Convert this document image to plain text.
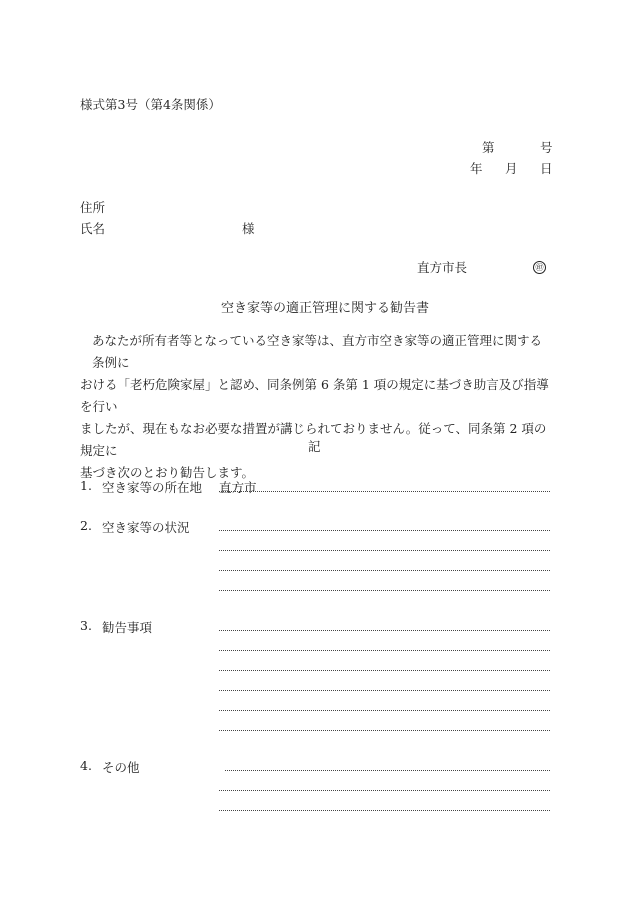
様式第3号（第4条関係）
第	号
年 月 日
住所
氏名	様
直方市長	㊞
空き家等の適正管理に関する勧告書
あなたが所有者等となっている空き家等は、直方市空き家等の適正管理に関する条例に
おける「老朽危険家屋」と認め、同条例第 6 条第 1 項の規定に基づき助言及び指導を行い
ましたが、現在もなお必要な措置が講じられておりません。従って、同条第 2 項の規定に
基づき次のとおり勧告します。
記
1. 空き家等の所在地 直方市
2. 空き家等の状況
3. 勧告事項
4. その他
